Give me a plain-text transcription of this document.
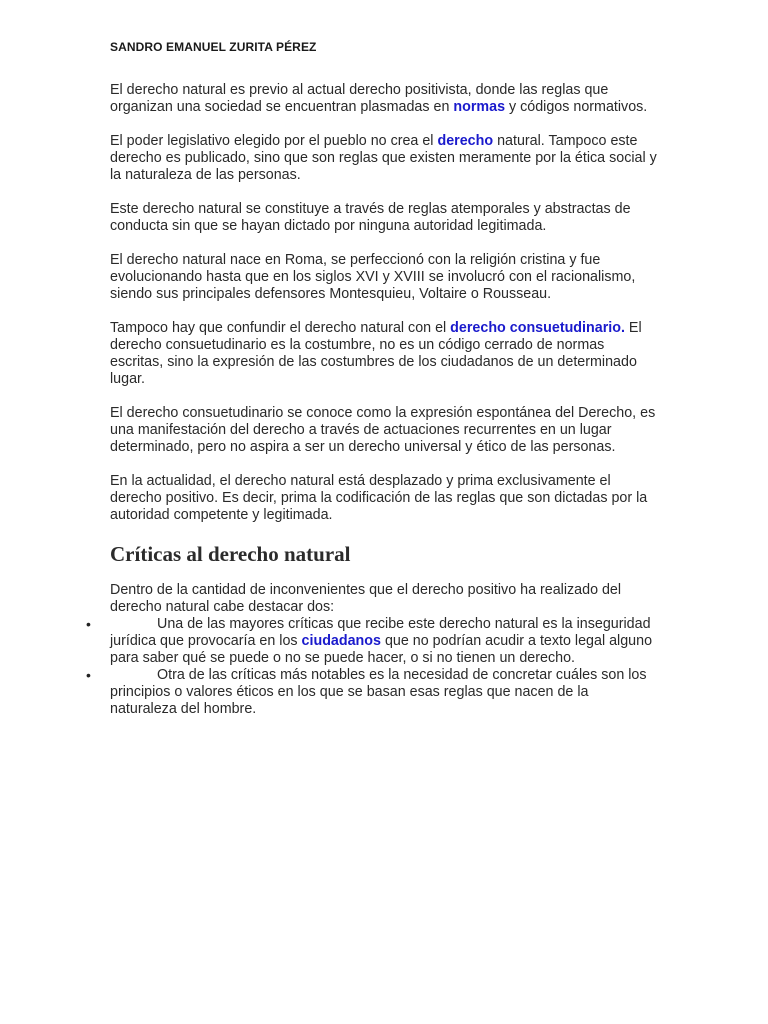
SANDRO EMANUEL ZURITA PÉREZ

El derecho natural es previo al actual derecho positivista, donde las reglas que organizan una sociedad se encuentran plasmadas en normas y códigos normativos.

El poder legislativo elegido por el pueblo no crea el derecho natural. Tampoco este derecho es publicado, sino que son reglas que existen meramente por la ética social y la naturaleza de las personas.

Este derecho natural se constituye a través de reglas atemporales y abstractas de conducta sin que se hayan dictado por ninguna autoridad legitimada.

El derecho natural nace en Roma, se perfeccionó con la religión cristina y fue evolucionando hasta que en los siglos XVI y XVIII se involucró con el racionalismo, siendo sus principales defensores Montesquieu, Voltaire o Rousseau.

Tampoco hay que confundir el derecho natural con el derecho consuetudinario. El derecho consuetudinario es la costumbre, no es un código cerrado de normas escritas, sino la expresión de las costumbres de los ciudadanos de un determinado lugar.

El derecho consuetudinario se conoce como la expresión espontánea del Derecho, es una manifestación del derecho a través de actuaciones recurrentes en un lugar determinado, pero no aspira a ser un derecho universal y ético de las personas.

En la actualidad, el derecho natural está desplazado y prima exclusivamente el derecho positivo. Es decir, prima la codificación de las reglas que son dictadas por la autoridad competente y legitimada.

Críticas al derecho natural

Dentro de la cantidad de inconvenientes que el derecho positivo ha realizado del derecho natural cabe destacar dos:

•	Una de las mayores críticas que recibe este derecho natural es la inseguridad jurídica que provocaría en los ciudadanos que no podrían acudir a texto legal alguno para saber qué se puede o no se puede hacer, o si no tienen un derecho.
•	Otra de las críticas más notables es la necesidad de concretar cuáles son los principios o valores éticos en los que se basan esas reglas que nacen de la naturaleza del hombre.
